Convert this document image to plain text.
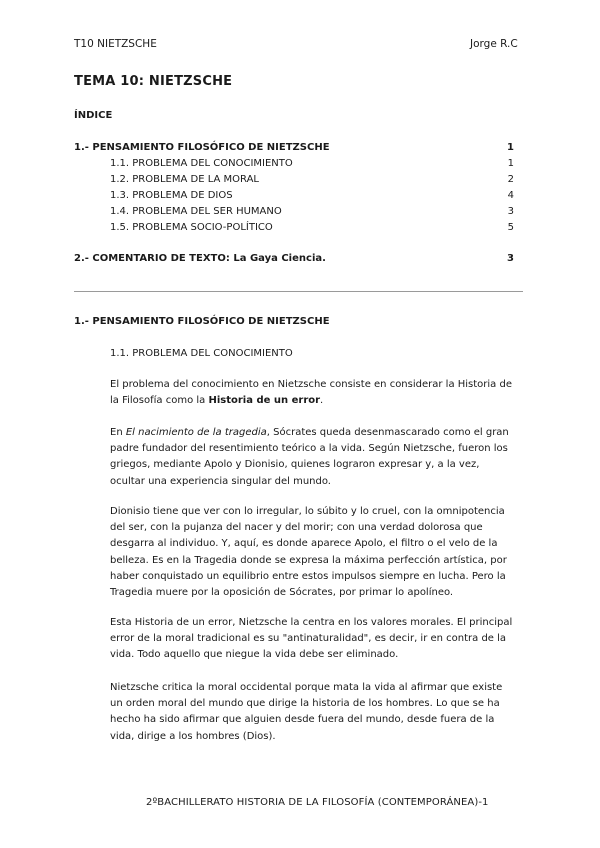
T10 NIETZSCHE	Jorge R.C
TEMA 10: NIETZSCHE
ÍNDICE
1.- PENSAMIENTO FILOSÓFICO DE NIETZSCHE	1
1.1. PROBLEMA DEL CONOCIMIENTO	1
1.2. PROBLEMA DE LA MORAL	2
1.3. PROBLEMA DE DIOS	4
1.4. PROBLEMA DEL SER HUMANO	3
1.5. PROBLEMA SOCIO-POLÍTICO	5
2.- COMENTARIO DE TEXTO: La Gaya Ciencia.	3
1.- PENSAMIENTO FILOSÓFICO DE NIETZSCHE
1.1. PROBLEMA DEL CONOCIMIENTO
El problema del conocimiento en Nietzsche consiste en considerar la Historia de
la Filosofía como la Historia de un error.
En El nacimiento de la tragedia, Sócrates queda desenmascarado como el gran
padre fundador del resentimiento teórico a la vida. Según Nietzsche, fueron los
griegos, mediante Apolo y Dionisio, quienes lograron expresar y, a la vez,
ocultar una experiencia singular del mundo.
Dionisio tiene que ver con lo irregular, lo súbito y lo cruel, con la omnipotencia
del ser, con la pujanza del nacer y del morir; con una verdad dolorosa que
desgarra al individuo. Y, aquí, es donde aparece Apolo, el filtro o el velo de la
belleza. Es en la Tragedia donde se expresa la máxima perfección artística, por
haber conquistado un equilibrio entre estos impulsos siempre en lucha. Pero la
Tragedia muere por la oposición de Sócrates, por primar lo apolíneo.
Esta Historia de un error, Nietzsche la centra en los valores morales. El principal
error de la moral tradicional es su "antinaturalidad", es decir, ir en contra de la
vida. Todo aquello que niegue la vida debe ser eliminado.
Nietzsche critica la moral occidental porque mata la vida al afirmar que existe
un orden moral del mundo que dirige la historia de los hombres. Lo que se ha
hecho ha sido afirmar que alguien desde fuera del mundo, desde fuera de la
vida, dirige a los hombres (Dios).
2ºBACHILLERATO HISTORIA DE LA FILOSOFÍA (CONTEMPORÁNEA)-1
